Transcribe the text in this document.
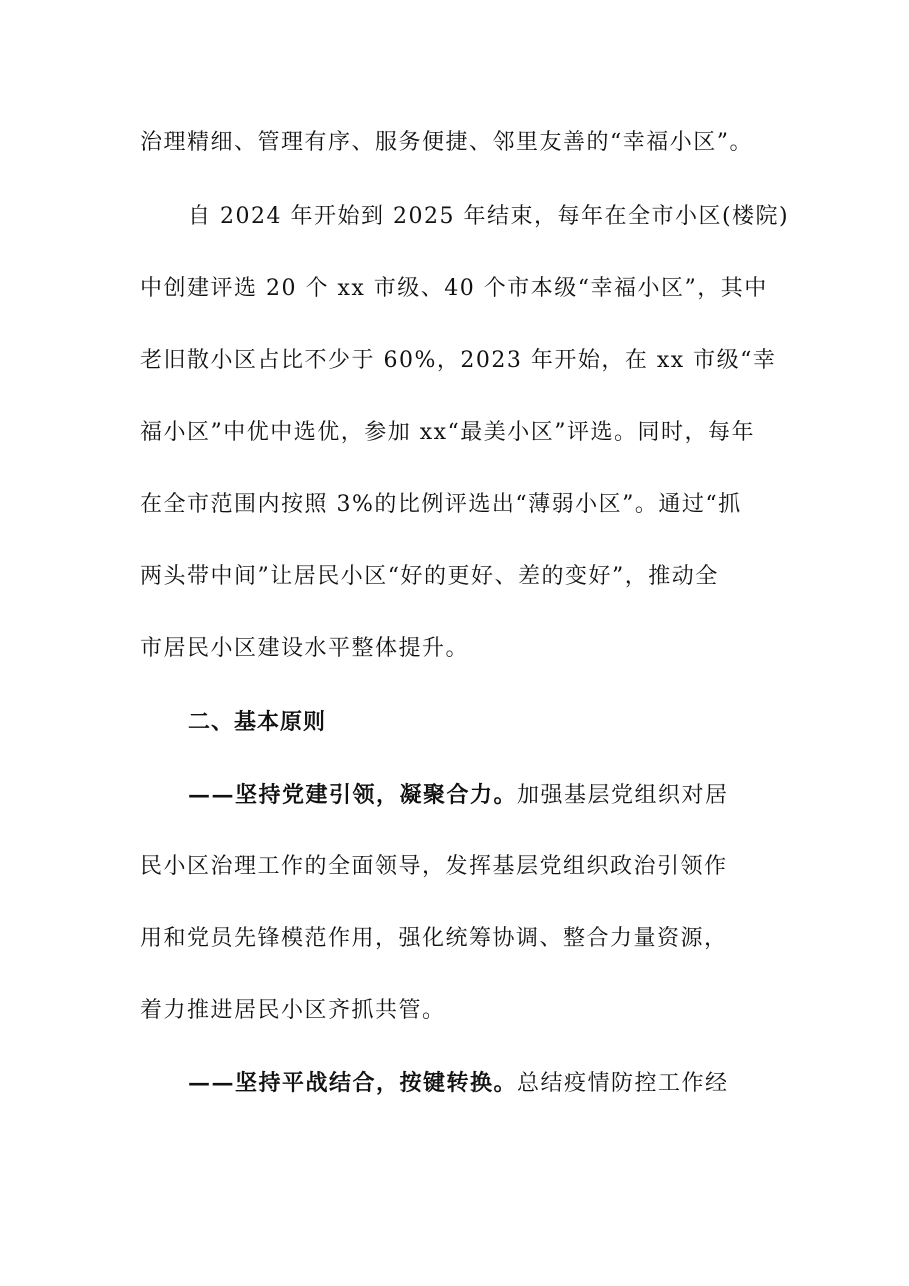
治理精细、管理有序、服务便捷、邻里友善的“幸福小区”。
自 2024 年开始到 2025 年结束，每年在全市小区(楼院)
中创建评选 20 个 xx 市级、40 个市本级“幸福小区”，其中
老旧散小区占比不少于 60%，2023 年开始，在 xx 市级“幸
福小区”中优中选优，参加 xx“最美小区”评选。同时，每年
在全市范围内按照 3%的比例评选出“薄弱小区”。通过“抓
两头带中间”让居民小区“好的更好、差的变好”，推动全
市居民小区建设水平整体提升。
二、基本原则
——坚持党建引领，凝聚合力。加强基层党组织对居
民小区治理工作的全面领导，发挥基层党组织政治引领作
用和党员先锋模范作用，强化统筹协调、整合力量资源，
着力推进居民小区齐抓共管。
——坚持平战结合，按键转换。总结疫情防控工作经
